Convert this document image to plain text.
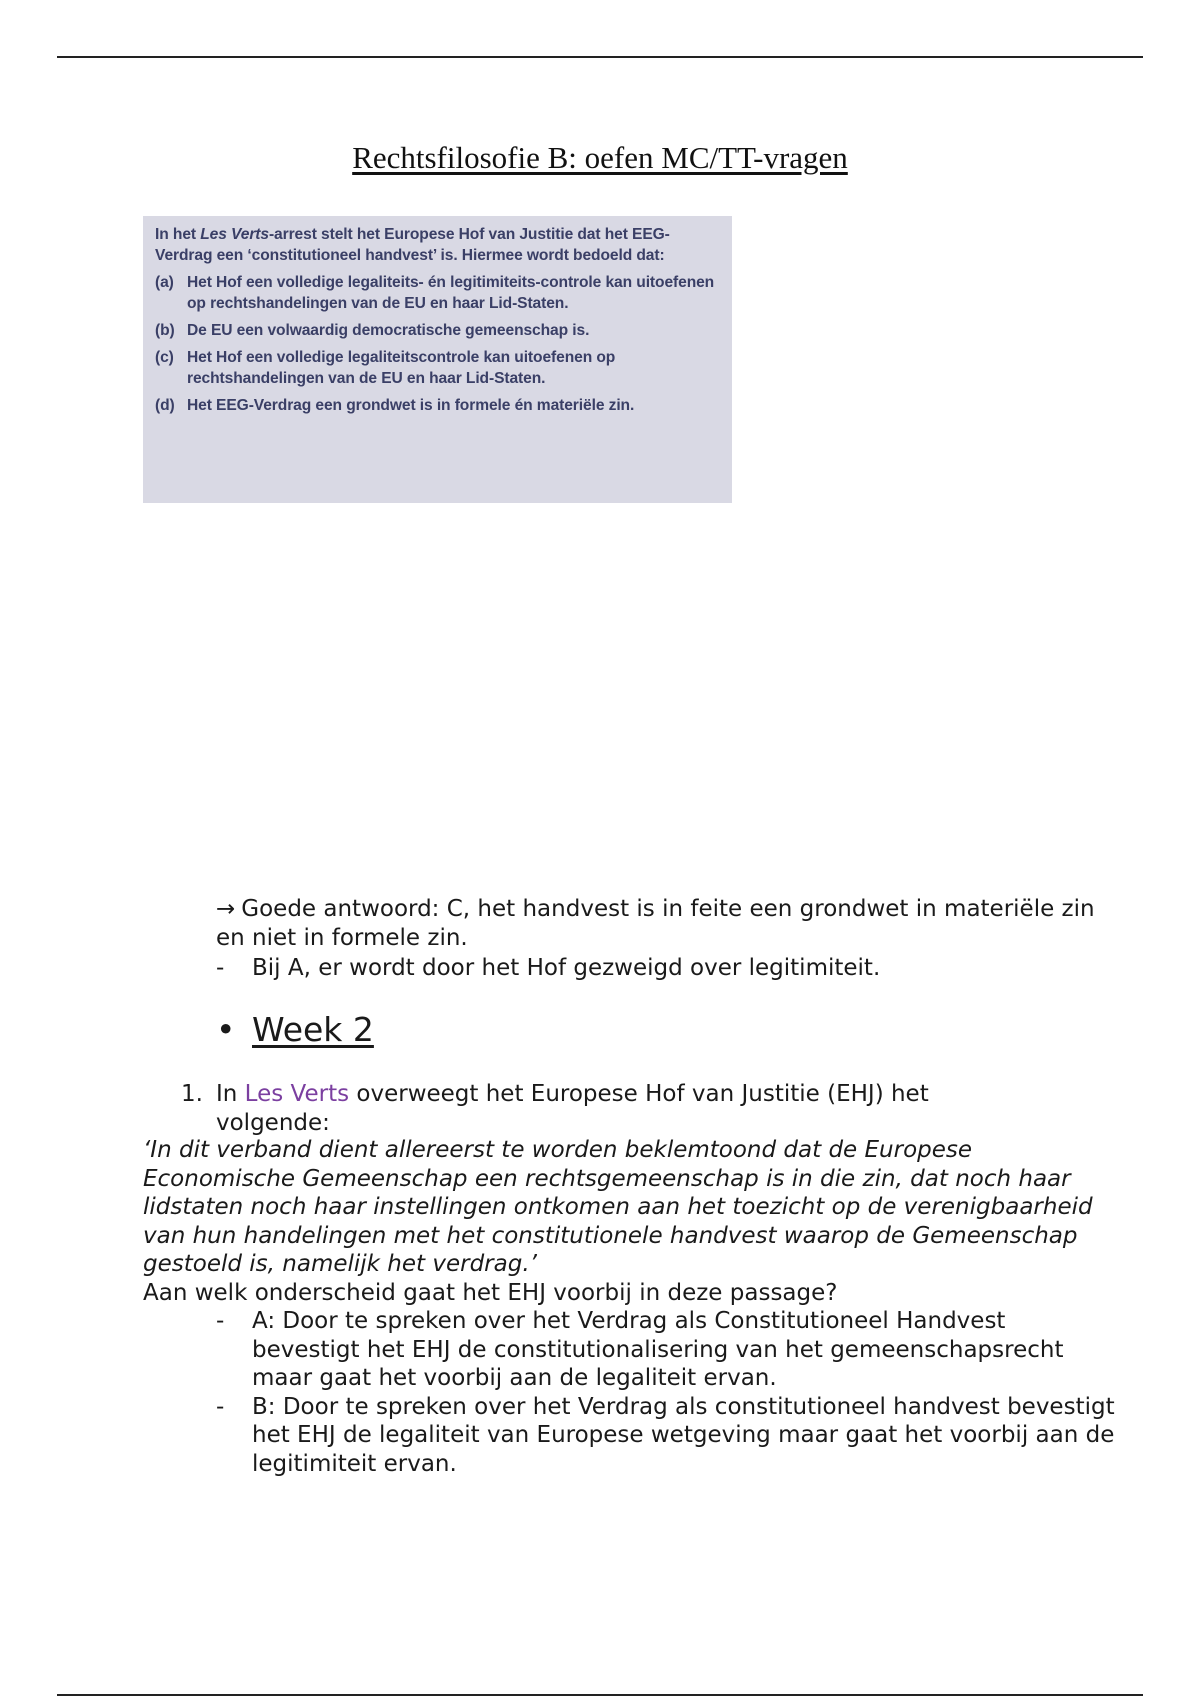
Rechtsfilosofie B: oefen MC/TT-vragen
In het Les Verts-arrest stelt het Europese Hof van Justitie dat het EEG-Verdrag een ‘constitutioneel handvest’ is. Hiermee wordt bedoeld dat:
(a) Het Hof een volledige legaliteits- én legitimiteits-controle kan uitoefenen op rechtshandelingen van de EU en haar Lid-Staten.
(b) De EU een volwaardig democratische gemeenschap is.
(c) Het Hof een volledige legaliteitscontrole kan uitoefenen op rechtshandelingen van de EU en haar Lid-Staten.
(d) Het EEG-Verdrag een grondwet is in formele én materiële zin.
→ Goede antwoord: C, het handvest is in feite een grondwet in materiële zin en niet in formele zin.
- Bij A, er wordt door het Hof gezweigd over legitimiteit.
• Week 2
1. In Les Verts overweegt het Europese Hof van Justitie (EHJ) het volgende:
‘In dit verband dient allereerst te worden beklemtoond dat de Europese Economische Gemeenschap een rechtsgemeenschap is in die zin, dat noch haar lidstaten noch haar instellingen ontkomen aan het toezicht op de verenigbaarheid van hun handelingen met het constitutionele handvest waarop de Gemeenschap gestoeld is, namelijk het verdrag.’
Aan welk onderscheid gaat het EHJ voorbij in deze passage?
- A: Door te spreken over het Verdrag als Constitutioneel Handvest bevestigt het EHJ de constitutionalisering van het gemeenschapsrecht maar gaat het voorbij aan de legaliteit ervan.
- B: Door te spreken over het Verdrag als constitutioneel handvest bevestigt het EHJ de legaliteit van Europese wetgeving maar gaat het voorbij aan de legitimiteit ervan.
